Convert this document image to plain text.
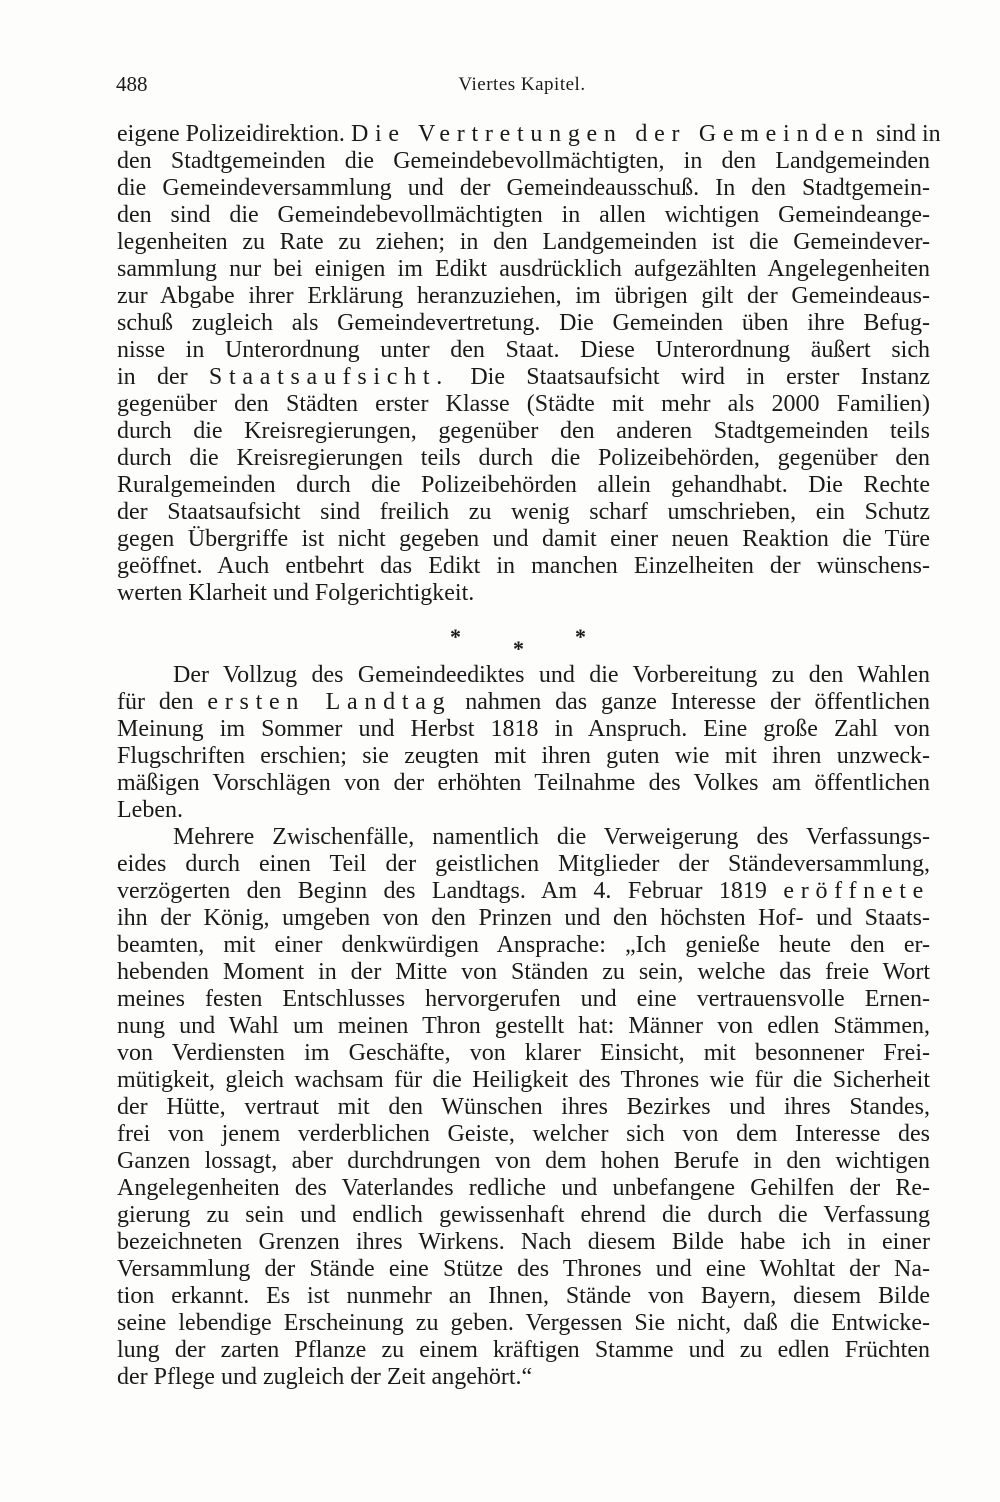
488	Viertes Kapitel.
eigene Polizeidirektion. Die Vertretungen der Gemeinden sind in
den Stadtgemeinden die Gemeindebevollmächtigten, in den Landgemeinden
die Gemeindeversammlung und der Gemeindeausschuß. In den Stadtgemein-
den sind die Gemeindebevollmächtigten in allen wichtigen Gemeindeange-
legenheiten zu Rate zu ziehen; in den Landgemeinden ist die Gemeindever-
sammlung nur bei einigen im Edikt ausdrücklich aufgezählten Angelegenheiten
zur Abgabe ihrer Erklärung heranzuziehen, im übrigen gilt der Gemeindeaus-
schuß zugleich als Gemeindevertretung. Die Gemeinden üben ihre Befug-
nisse in Unterordnung unter den Staat. Diese Unterordnung äußert sich
in der Staatsaufsicht. Die Staatsaufsicht wird in erster Instanz
gegenüber den Städten erster Klasse (Städte mit mehr als 2000 Familien)
durch die Kreisregierungen, gegenüber den anderen Stadtgemeinden teils
durch die Kreisregierungen teils durch die Polizeibehörden, gegenüber den
Ruralgemeinden durch die Polizeibehörden allein gehandhabt. Die Rechte
der Staatsaufsicht sind freilich zu wenig scharf umschrieben, ein Schutz
gegen Übergriffe ist nicht gegeben und damit einer neuen Reaktion die Türe
geöffnet. Auch entbehrt das Edikt in manchen Einzelheiten der wünschens-
werten Klarheit und Folgerichtigkeit.
Der Vollzug des Gemeindeediktes und die Vorbereitung zu den Wahlen
für den ersten Landtag nahmen das ganze Interesse der öffentlichen
Meinung im Sommer und Herbst 1818 in Anspruch. Eine große Zahl von
Flugschriften erschien; sie zeugten mit ihren guten wie mit ihren unzweck-
mäßigen Vorschlägen von der erhöhten Teilnahme des Volkes am öffentlichen
Leben.
Mehrere Zwischenfälle, namentlich die Verweigerung des Verfassungs-
eides durch einen Teil der geistlichen Mitglieder der Ständeversammlung,
verzögerten den Beginn des Landtags. Am 4. Februar 1819 eröffnete
ihn der König, umgeben von den Prinzen und den höchsten Hof- und Staats-
beamten, mit einer denkwürdigen Ansprache: „Ich genieße heute den er-
hebenden Moment in der Mitte von Ständen zu sein, welche das freie Wort
meines festen Entschlusses hervorgerufen und eine vertrauensvolle Ernen-
nung und Wahl um meinen Thron gestellt hat: Männer von edlen Stämmen,
von Verdiensten im Geschäfte, von klarer Einsicht, mit besonnener Frei-
mütigkeit, gleich wachsam für die Heiligkeit des Thrones wie für die Sicherheit
der Hütte, vertraut mit den Wünschen ihres Bezirkes und ihres Standes,
frei von jenem verderblichen Geiste, welcher sich von dem Interesse des
Ganzen lossagt, aber durchdrungen von dem hohen Berufe in den wichtigen
Angelegenheiten des Vaterlandes redliche und unbefangene Gehilfen der Re-
gierung zu sein und endlich gewissenhaft ehrend die durch die Verfassung
bezeichneten Grenzen ihres Wirkens. Nach diesem Bilde habe ich in einer
Versammlung der Stände eine Stütze des Thrones und eine Wohltat der Na-
tion erkannt. Es ist nunmehr an Ihnen, Stände von Bayern, diesem Bilde
seine lebendige Erscheinung zu geben. Vergessen Sie nicht, daß die Entwicke-
lung der zarten Pflanze zu einem kräftigen Stamme und zu edlen Früchten
der Pflege und zugleich der Zeit angehört.“
* * *
